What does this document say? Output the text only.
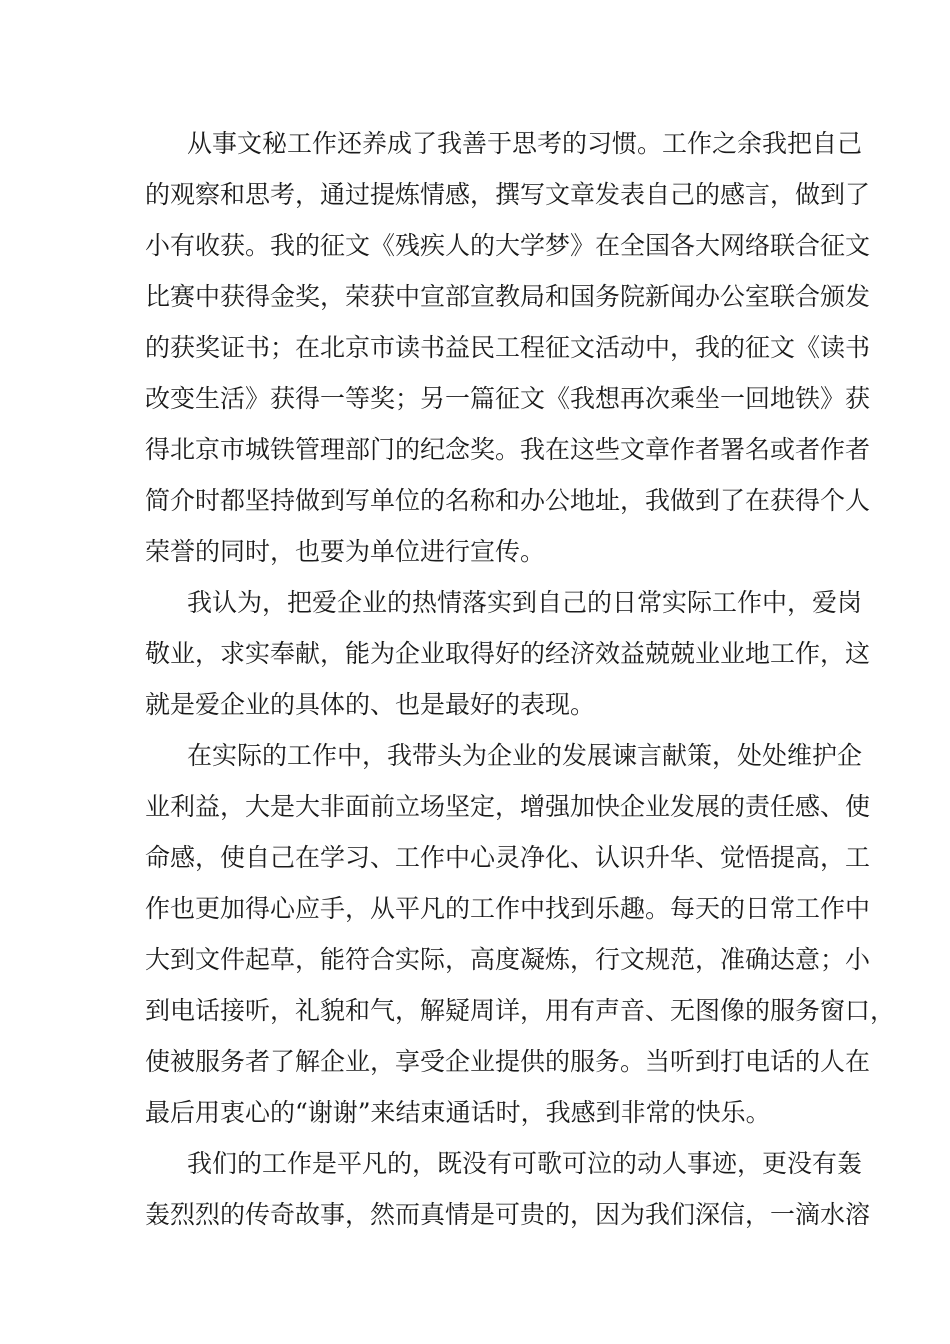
从事文秘工作还养成了我善于思考的习惯。工作之余我把自己
的观察和思考，通过提炼情感，撰写文章发表自己的感言，做到了
小有收获。我的征文《残疾人的大学梦》在全国各大网络联合征文
比赛中获得金奖，荣获中宣部宣教局和国务院新闻办公室联合颁发
的获奖证书；在北京市读书益民工程征文活动中，我的征文《读书
改变生活》获得一等奖；另一篇征文《我想再次乘坐一回地铁》获
得北京市城铁管理部门的纪念奖。我在这些文章作者署名或者作者
简介时都坚持做到写单位的名称和办公地址，我做到了在获得个人
荣誉的同时，也要为单位进行宣传。
我认为，把爱企业的热情落实到自己的日常实际工作中，爱岗
敬业，求实奉献，能为企业取得好的经济效益兢兢业业地工作，这
就是爱企业的具体的、也是最好的表现。
在实际的工作中，我带头为企业的发展谏言献策，处处维护企
业利益，大是大非面前立场坚定，增强加快企业发展的责任感、使
命感，使自己在学习、工作中心灵净化、认识升华、觉悟提高，工
作也更加得心应手，从平凡的工作中找到乐趣。每天的日常工作中
大到文件起草，能符合实际，高度凝炼，行文规范，准确达意；小
到电话接听，礼貌和气，解疑周详，用有声音、无图像的服务窗口，
使被服务者了解企业，享受企业提供的服务。当听到打电话的人在
最后用衷心的“谢谢”来结束通话时，我感到非常的快乐。
我们的工作是平凡的，既没有可歌可泣的动人事迹，更没有轰
轰烈烈的传奇故事，然而真情是可贵的，因为我们深信，一滴水溶
